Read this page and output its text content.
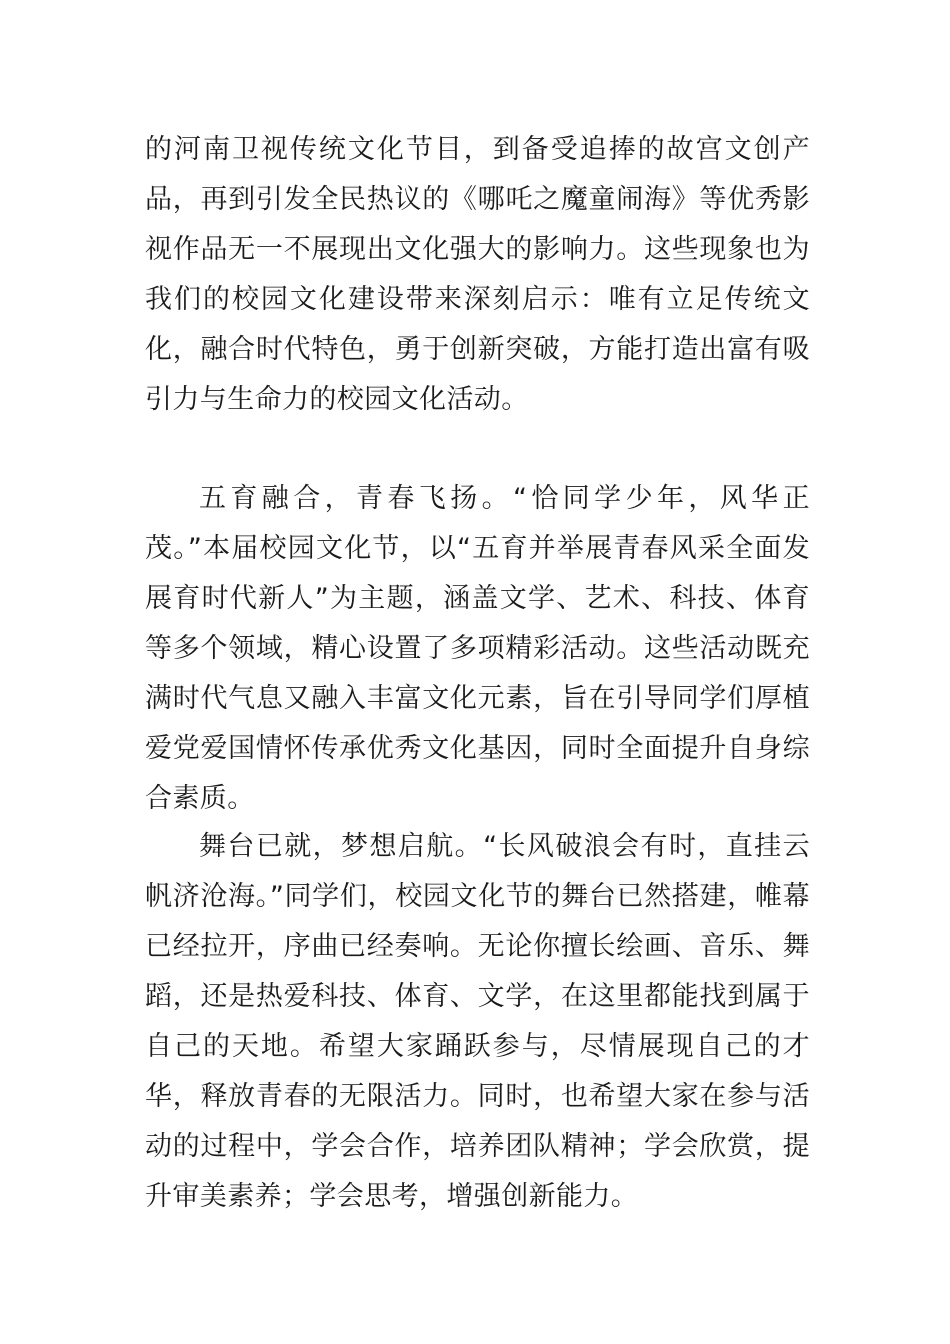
的河南卫视传统文化节目，到备受追捧的故宫文创产品，再到引发全民热议的《哪吒之魔童闹海》等优秀影视作品无一不展现出文化强大的影响力。这些现象也为我们的校园文化建设带来深刻启示：唯有立足传统文化，融合时代特色，勇于创新突破，方能打造出富有吸引力与生命力的校园文化活动。

五育融合，青春飞扬。“恰同学少年，风华正茂。”本届校园文化节，以“五育并举展青春风采全面发展育时代新人”为主题，涵盖文学、艺术、科技、体育等多个领域，精心设置了多项精彩活动。这些活动既充满时代气息又融入丰富文化元素，旨在引导同学们厚植爱党爱国情怀传承优秀文化基因，同时全面提升自身综合素质。

舞台已就，梦想启航。“长风破浪会有时，直挂云帆济沧海。”同学们，校园文化节的舞台已然搭建，帷幕已经拉开，序曲已经奏响。无论你擅长绘画、音乐、舞蹈，还是热爱科技、体育、文学，在这里都能找到属于自己的天地。希望大家踊跃参与，尽情展现自己的才华，释放青春的无限活力。同时，也希望大家在参与活动的过程中，学会合作，培养团队精神；学会欣赏，提升审美素养；学会思考，增强创新能力。
